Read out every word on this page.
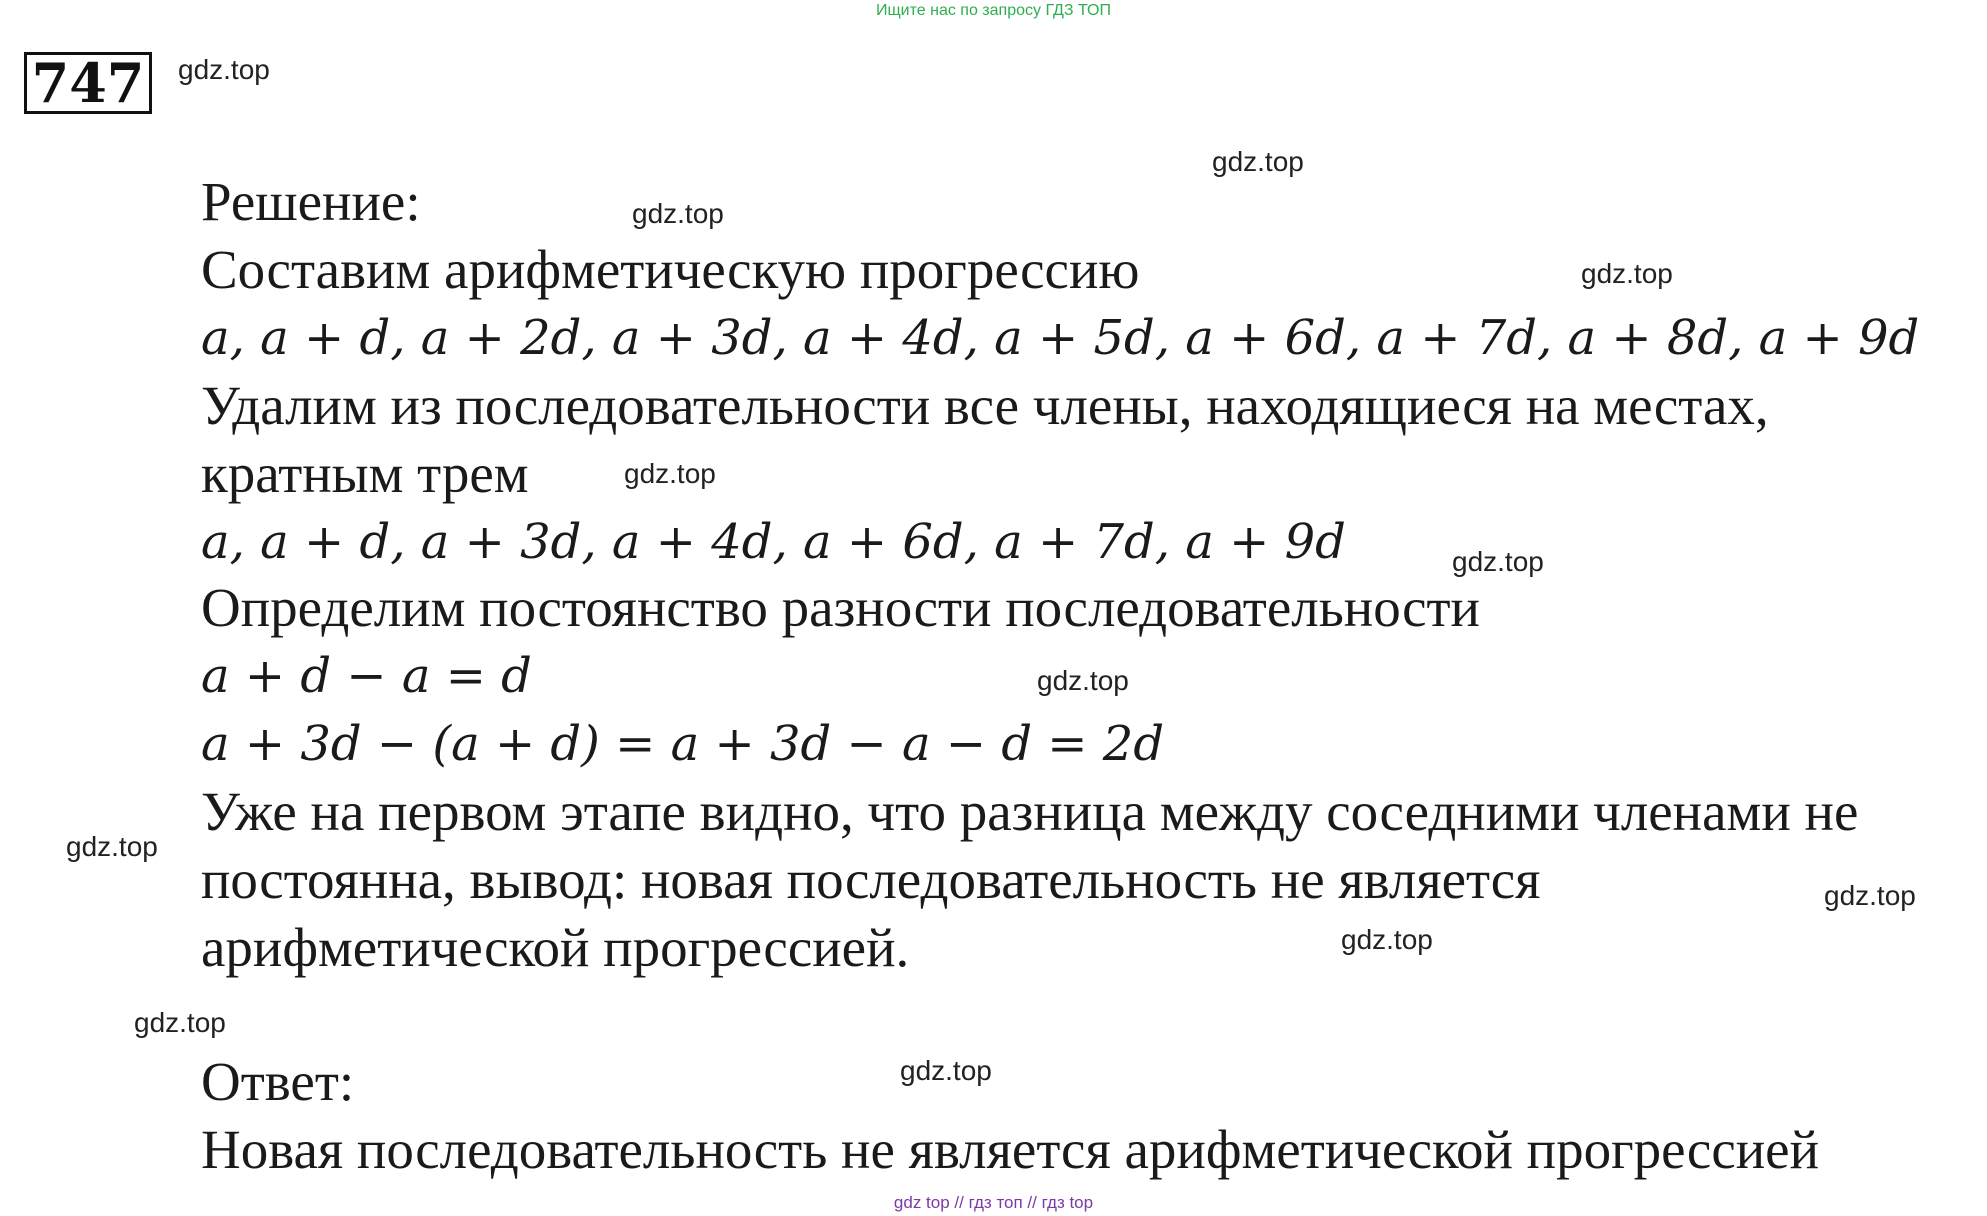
Ищите нас по запросу ГДЗ ТОП
747 gdz.top
gdz.top
gdz.top
gdz.top
gdz.top
gdz.top
gdz.top
gdz.top
gdz.top
gdz.top
gdz.top
gdz.top
Решение:
Составим арифметическую прогрессию
a, a + d, a + 2d, a + 3d, a + 4d, a + 5d, a + 6d, a + 7d, a + 8d, a + 9d
Удалим из последовательности все члены, находящиеся на местах,
кратным трем
a, a + d, a + 3d, a + 4d, a + 6d, a + 7d, a + 9d
Определим постоянство разности последовательности
a + d − a = d
a + 3d − (a + d) = a + 3d − a − d = 2d
Уже на первом этапе видно, что разница между соседними членами не
постоянна, вывод: новая последовательность не является
арифметической прогрессией.
Ответ:
Новая последовательность не является арифметической прогрессией
gdz top // гдз топ // гдз top
